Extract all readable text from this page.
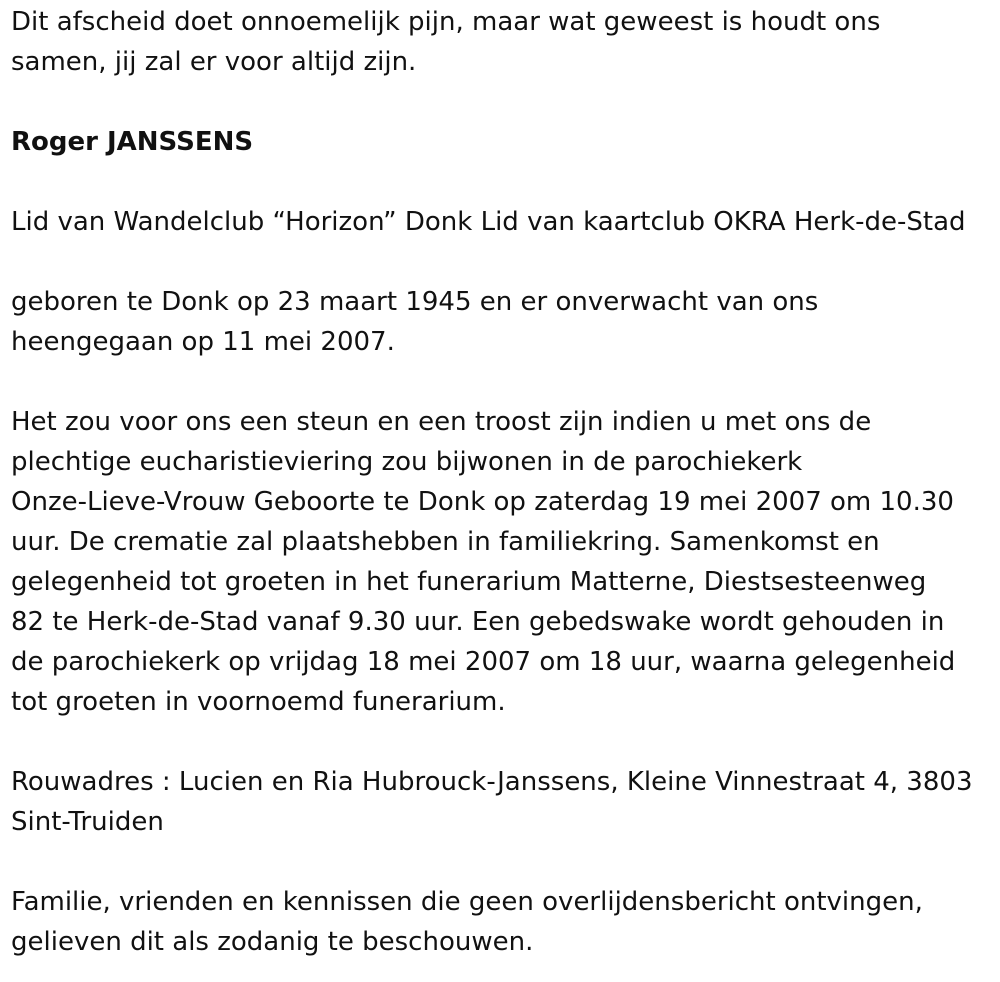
Dit afscheid doet onnoemelijk pijn, maar wat geweest is houdt ons
samen, jij zal er voor altijd zijn.

Roger JANSSENS

Lid van Wandelclub “Horizon” Donk Lid van kaartclub OKRA Herk-de-Stad

geboren te Donk op 23 maart 1945 en er onverwacht van ons
heengegaan op 11 mei 2007.

Het zou voor ons een steun en een troost zijn indien u met ons de
plechtige eucharistieviering zou bijwonen in de parochiekerk
Onze-Lieve-Vrouw Geboorte te Donk op zaterdag 19 mei 2007 om 10.30
uur. De crematie zal plaatshebben in familiekring. Samenkomst en
gelegenheid tot groeten in het funerarium Matterne, Diestsesteenweg
82 te Herk-de-Stad vanaf 9.30 uur. Een gebedswake wordt gehouden in
de parochiekerk op vrijdag 18 mei 2007 om 18 uur, waarna gelegenheid
tot groeten in voornoemd funerarium.

Rouwadres : Lucien en Ria Hubrouck-Janssens, Kleine Vinnestraat 4, 3803
Sint-Truiden

Familie, vrienden en kennissen die geen overlijdensbericht ontvingen,
gelieven dit als zodanig te beschouwen.
